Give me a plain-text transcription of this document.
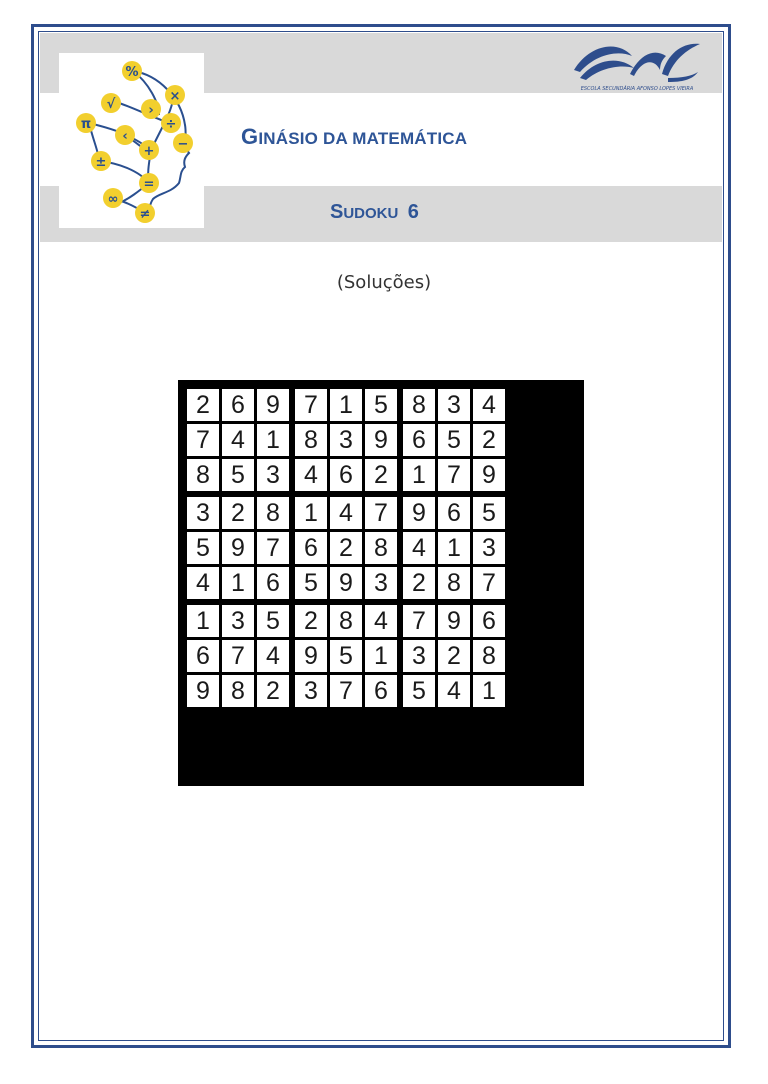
%
×
√	›
π
‹
÷
+ −
±
=
∞
≠
ESCOLA SECUNDÁRIA AFONSO LOPES VIEIRA
GINÁSIO DA MATEMÁTICA
SUDOKU 6
(Soluções)
2 6 9 7 1 5 8 3 4
7 4 1 8 3 9 6 5 2
8 5 3 4 6 2 1 7 9
3 2 8 1 4 7 9 6 5
5 9 7 6 2 8 4 1 3
4 1 6 5 9 3 2 8 7
1 3 5 2 8 4 7 9 6
6 7 4 9 5 1 3 2 8
9 8 2 3 7 6 5 4 1
